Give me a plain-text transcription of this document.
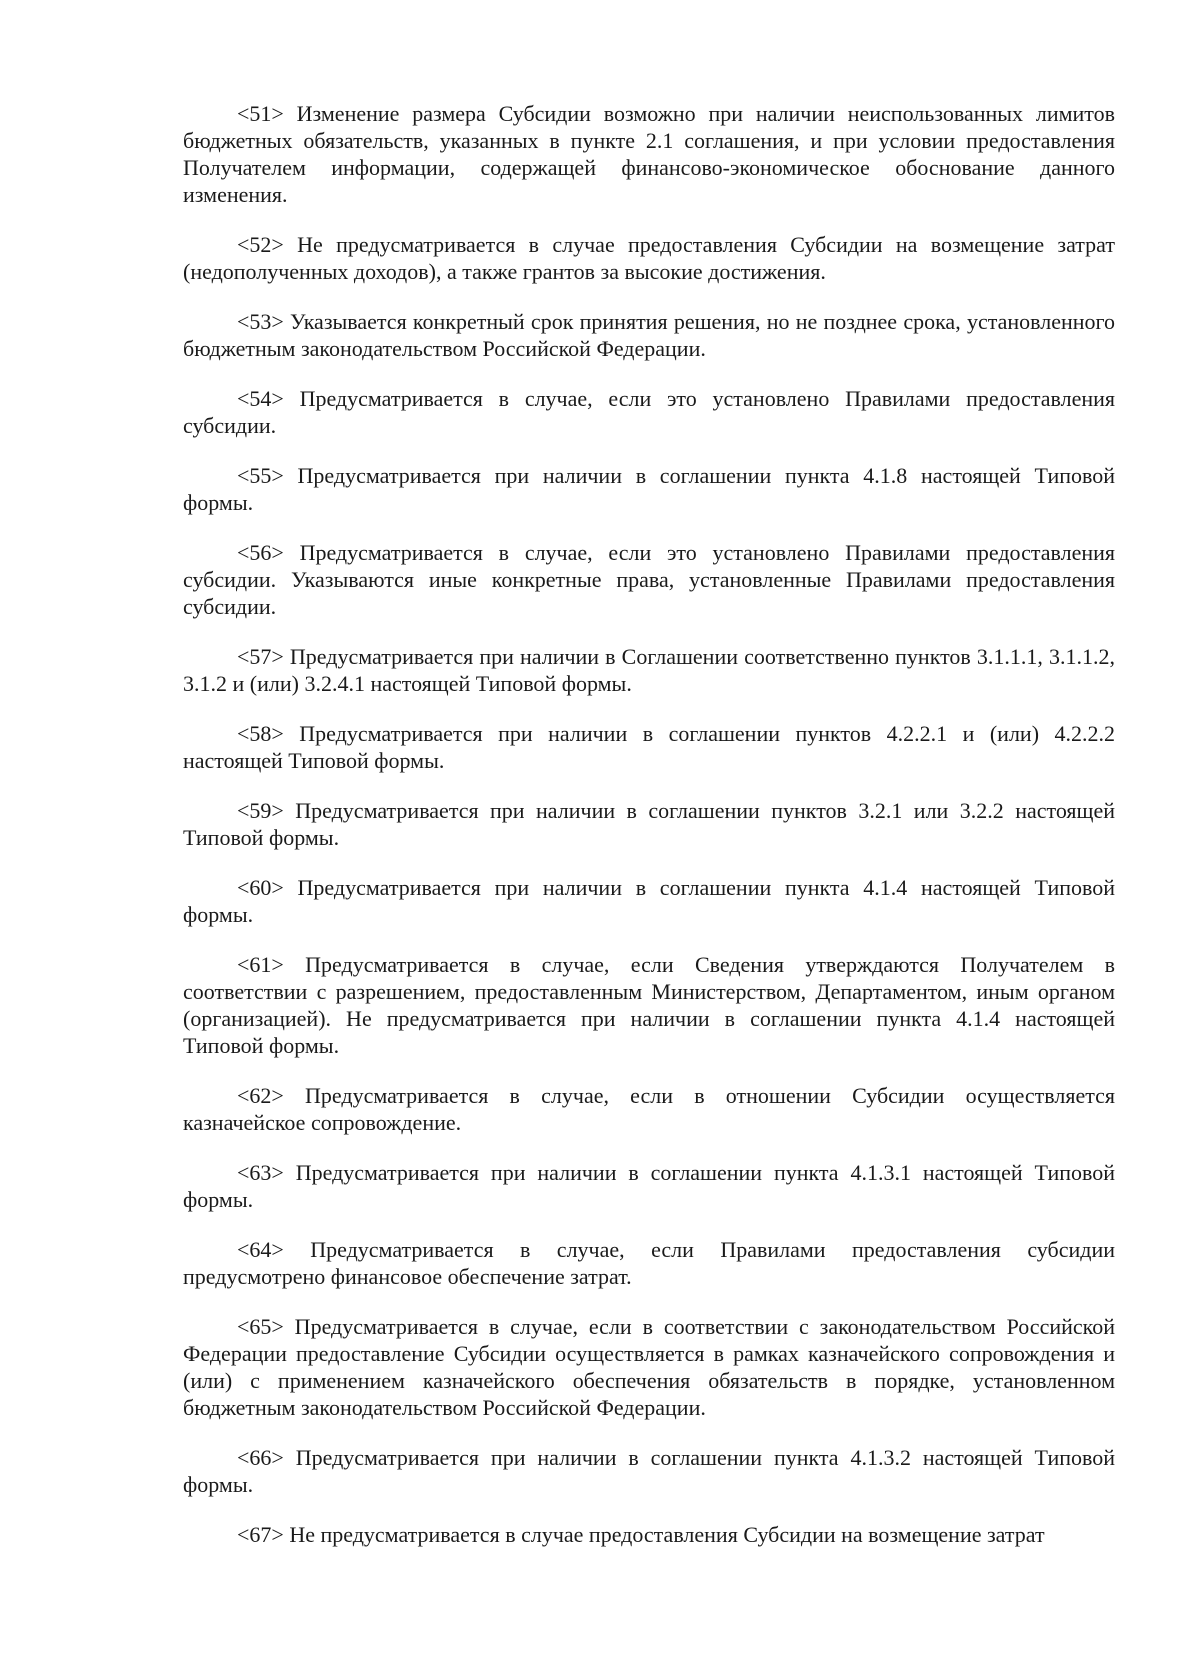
<51> Изменение размера Субсидии возможно при наличии неиспользованных лимитов бюджетных обязательств, указанных в пункте 2.1 соглашения, и при условии предоставления Получателем информации, содержащей финансово-экономическое обоснование данного изменения.

<52> Не предусматривается в случае предоставления Субсидии на возмещение затрат (недополученных доходов), а также грантов за высокие достижения.

<53> Указывается конкретный срок принятия решения, но не позднее срока, установленного бюджетным законодательством Российской Федерации.

<54> Предусматривается в случае, если это установлено Правилами предоставления субсидии.

<55> Предусматривается при наличии в соглашении пункта 4.1.8 настоящей Типовой формы.

<56> Предусматривается в случае, если это установлено Правилами предоставления субсидии. Указываются иные конкретные права, установленные Правилами предоставления субсидии.

<57> Предусматривается при наличии в Соглашении соответственно пунктов 3.1.1.1, 3.1.1.2, 3.1.2 и (или) 3.2.4.1 настоящей Типовой формы.

<58> Предусматривается при наличии в соглашении пунктов 4.2.2.1 и (или) 4.2.2.2 настоящей Типовой формы.

<59> Предусматривается при наличии в соглашении пунктов 3.2.1 или 3.2.2 настоящей Типовой формы.

<60> Предусматривается при наличии в соглашении пункта 4.1.4 настоящей Типовой формы.

<61> Предусматривается в случае, если Сведения утверждаются Получателем в соответствии с разрешением, предоставленным Министерством, Департаментом, иным органом (организацией). Не предусматривается при наличии в соглашении пункта 4.1.4 настоящей Типовой формы.

<62> Предусматривается в случае, если в отношении Субсидии осуществляется казначейское сопровождение.

<63> Предусматривается при наличии в соглашении пункта 4.1.3.1 настоящей Типовой формы.

<64> Предусматривается в случае, если Правилами предоставления субсидии предусмотрено финансовое обеспечение затрат.

<65> Предусматривается в случае, если в соответствии с законодательством Российской Федерации предоставление Субсидии осуществляется в рамках казначейского сопровождения и (или) с применением казначейского обеспечения обязательств в порядке, установленном бюджетным законодательством Российской Федерации.

<66> Предусматривается при наличии в соглашении пункта 4.1.3.2 настоящей Типовой формы.

<67> Не предусматривается в случае предоставления Субсидии на возмещение затрат
